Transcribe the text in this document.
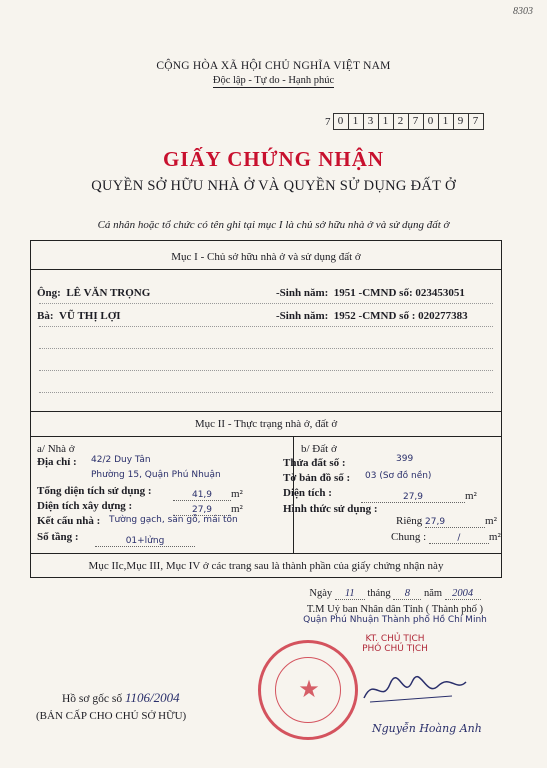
8303
CỘNG HÒA XÃ HỘI CHỦ NGHĨA VIỆT NAM
Độc lập - Tự do - Hạnh phúc
7 0 1 3 1 2 7 0 1 9 7
GIẤY CHỨNG NHẬN
QUYỀN SỞ HỮU NHÀ Ở VÀ QUYỀN SỬ DỤNG ĐẤT Ở
Cá nhân hoặc tổ chức có tên ghi tại mục I là chủ sở hữu nhà ở và sử dụng đất ở
Mục I - Chủ sở hữu nhà ở và sử dụng đất ở
Ông: LÊ VĂN TRỌNG	-Sinh năm: 1951 -CMND số: 023453051
Bà: VŨ THỊ LỢI	-Sinh năm: 1952 -CMND số : 020277383
Mục II - Thực trạng nhà ở, đất ở
a/ Nhà ở
Địa chỉ : 42/2 Duy Tân
Phường 15, Quận Phú Nhuận
Tổng diện tích sử dụng :	41,9 m²
Diện tích xây dựng :	27,9 m²
Kết cấu nhà : Tường gạch, sàn gỗ, mái tôn
Số tầng :	01+lửng
b/ Đất ở
Thửa đất số :	399
Tờ bản đồ số : 03 (Sơ đồ nền)
Diện tích :	27,9	m²
Hình thức sử dụng :
Riêng 27,9	m²
Chung :	/	m²
Mục IIc,Mục III, Mục IV ở các trang sau là thành phần của giấy chứng nhận này
Ngày 11 tháng 8 năm 2004
T.M Uỷ ban Nhân dân Tỉnh ( Thành phố )
Quận Phú Nhuận Thành phố Hồ Chí Minh
KT. CHỦ TỊCH
PHÓ CHỦ TỊCH
★
Nguyễn Hoàng Anh
Hồ sơ gốc số 1106/2004
(BẢN CẤP CHO CHỦ SỞ HỮU)
